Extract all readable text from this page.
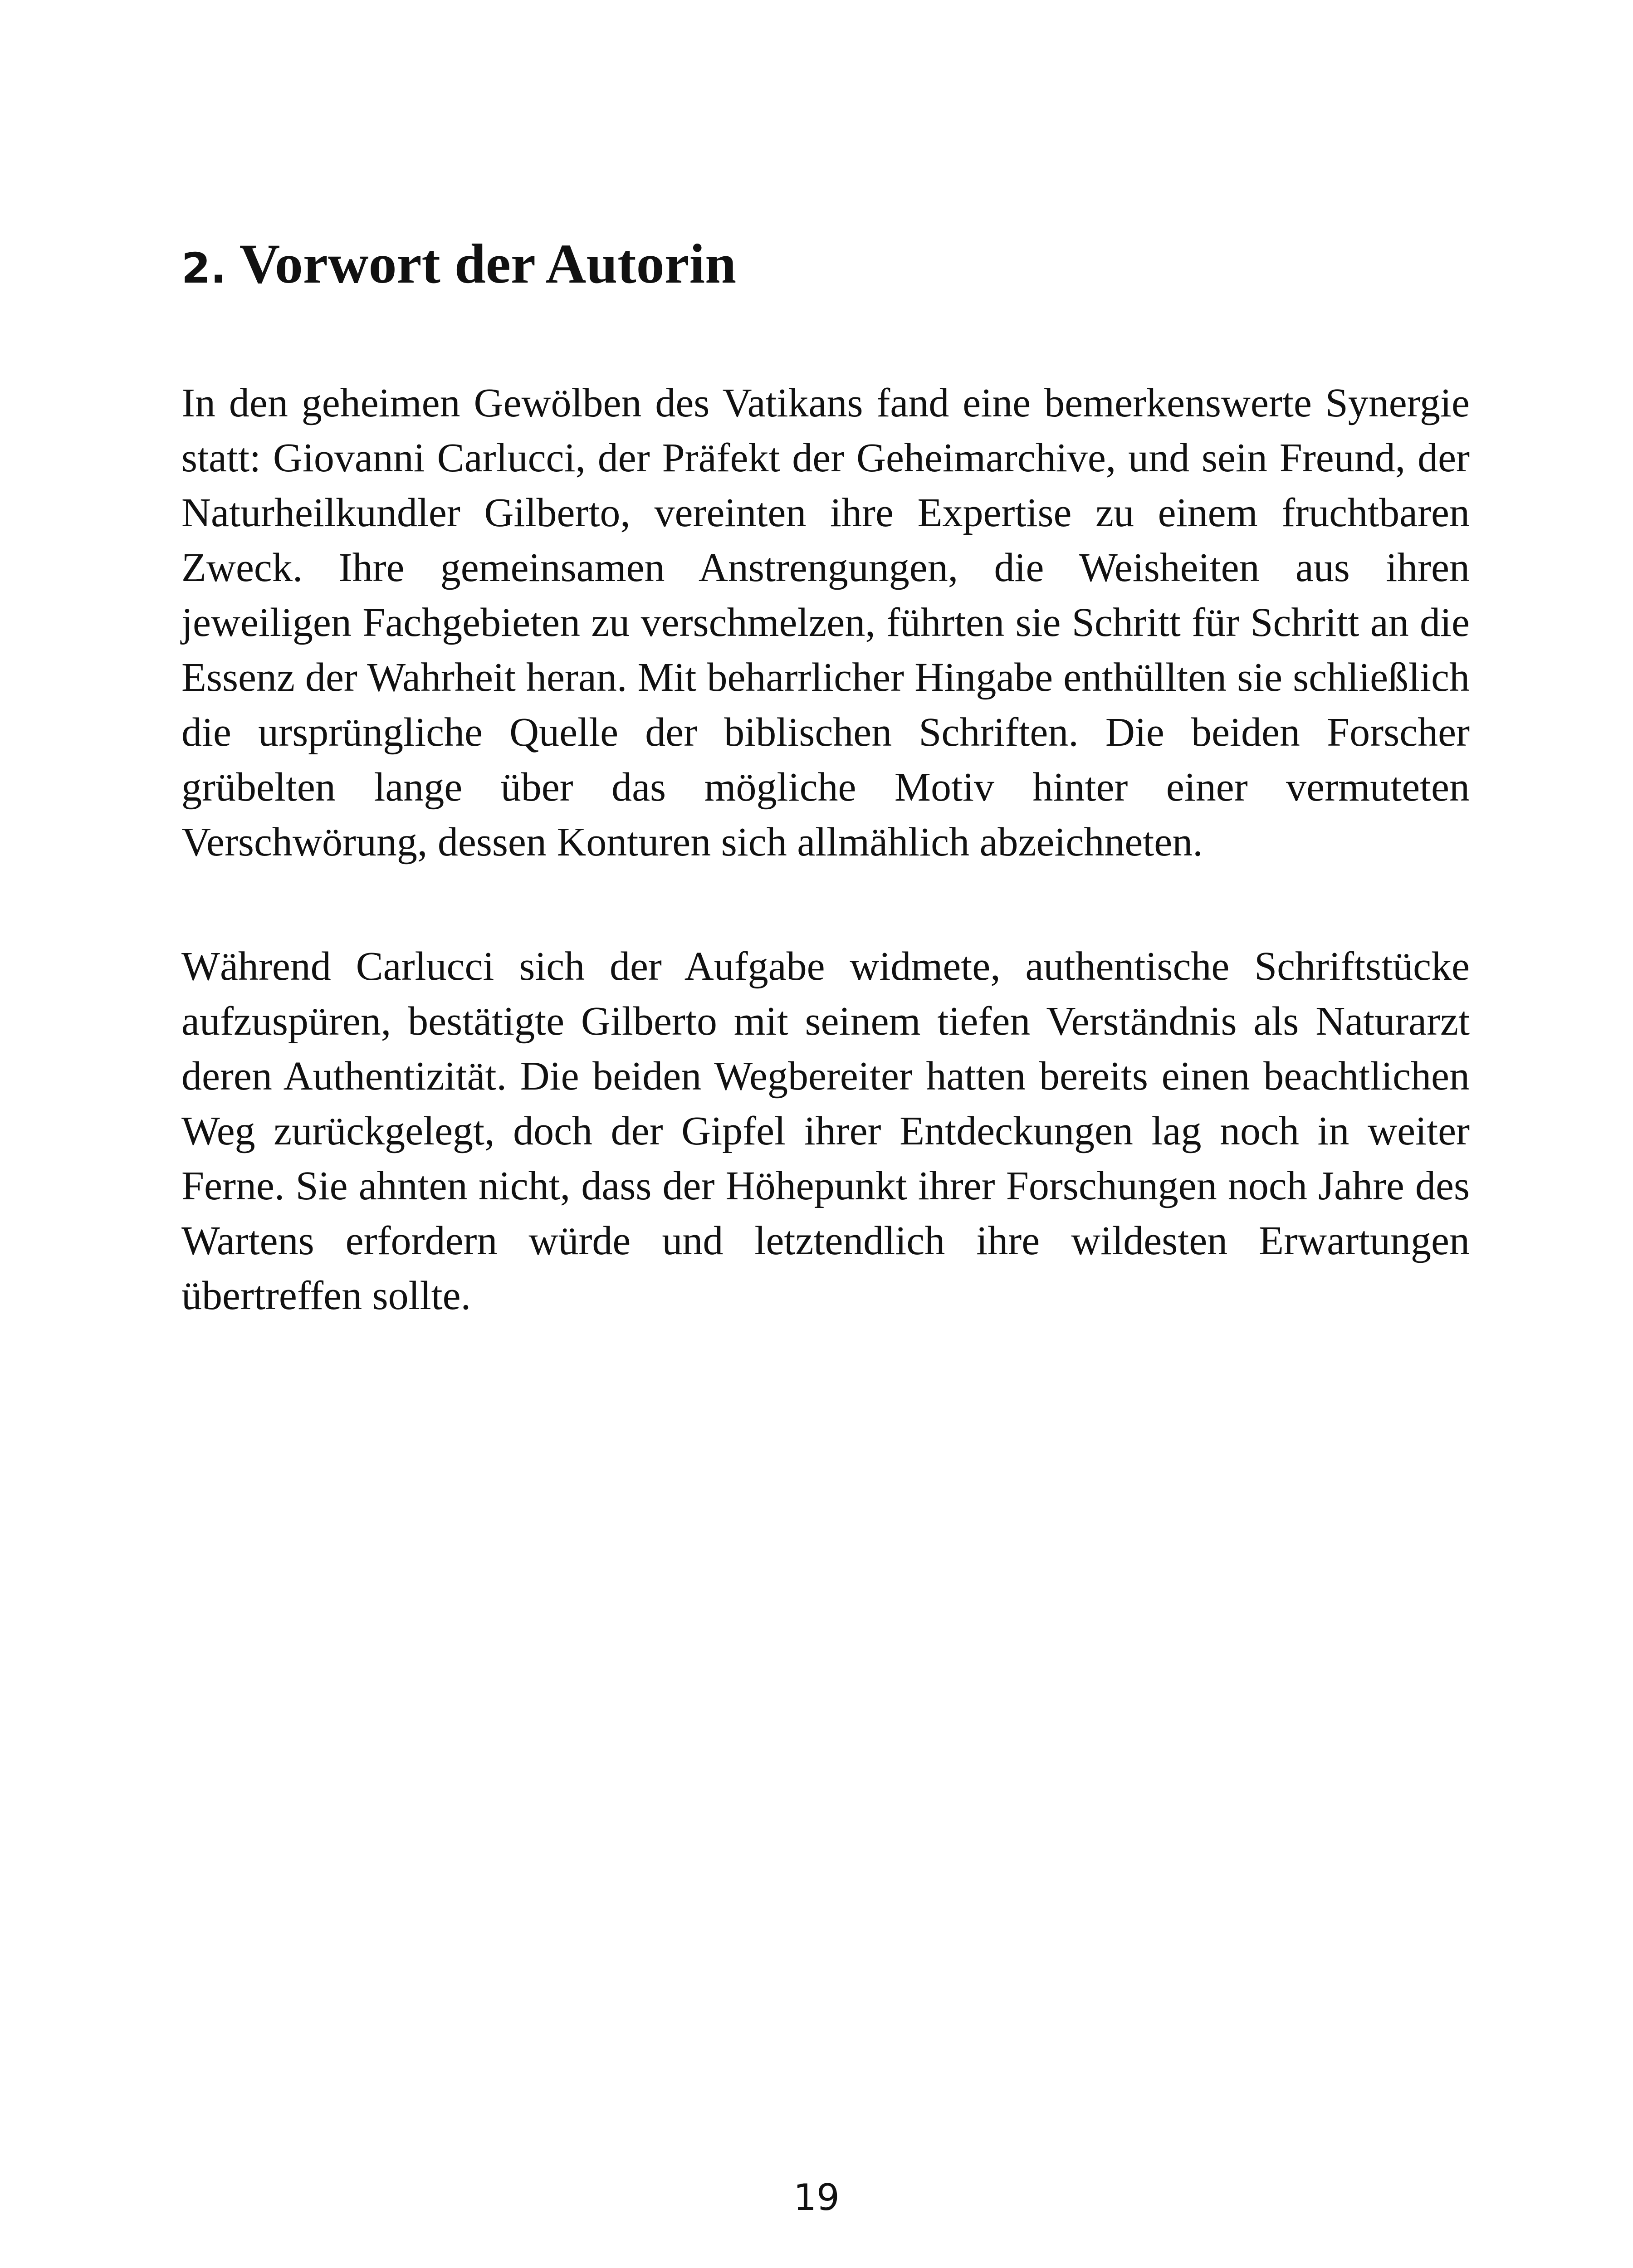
2. Vorwort der Autorin

In den geheimen Gewölben des Vatikans fand eine bemerkenswerte Synergie statt: Giovanni Carlucci, der Präfekt der Geheimarchive, und sein Freund, der Naturheilkundler Gilberto, vereinten ihre Expertise zu einem fruchtbaren Zweck. Ihre gemeinsamen Anstrengungen, die Weisheiten aus ihren jeweiligen Fachgebieten zu verschmelzen, führten sie Schritt für Schritt an die Essenz der Wahrheit heran. Mit beharrlicher Hingabe enthüllten sie schließlich die ursprüngliche Quelle der biblischen Schriften. Die beiden Forscher grübelten lange über das mögliche Motiv hinter einer vermuteten Verschwörung, dessen Konturen sich allmählich abzeichneten.

Während Carlucci sich der Aufgabe widmete, authentische Schriftstücke aufzuspüren, bestätigte Gilberto mit seinem tiefen Verständnis als Naturarzt deren Authentizität. Die beiden Wegbereiter hatten bereits einen beachtlichen Weg zurückgelegt, doch der Gipfel ihrer Entdeckungen lag noch in weiter Ferne. Sie ahnten nicht, dass der Höhepunkt ihrer Forschungen noch Jahre des Wartens erfordern würde und letztendlich ihre wildesten Erwartungen übertreffen sollte.

19
